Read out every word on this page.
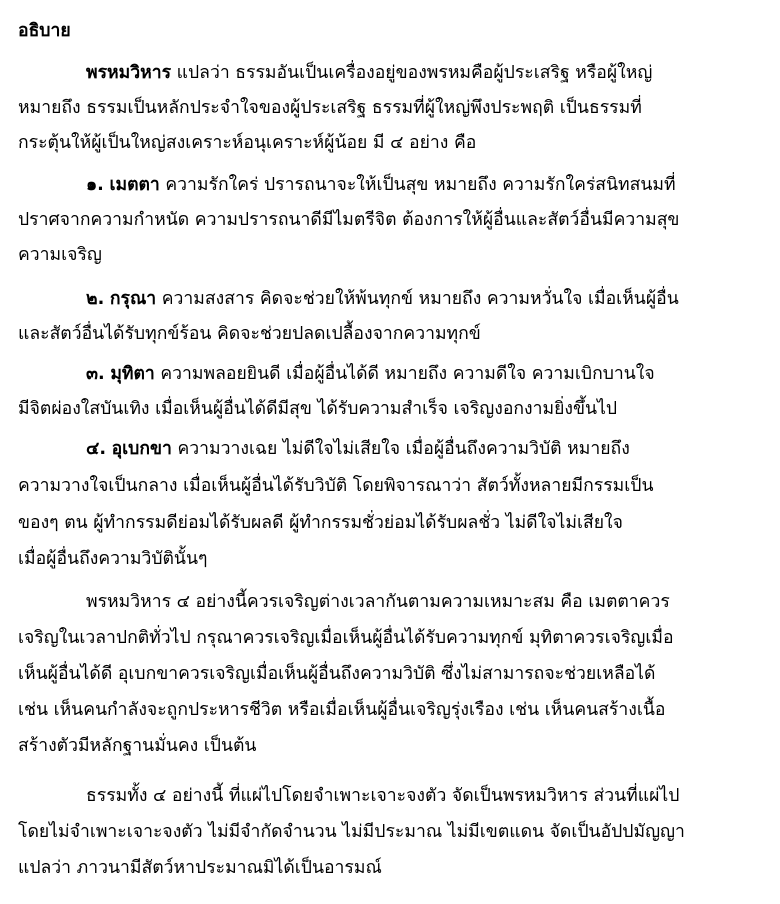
อธิบาย
พรหมวิหาร แปลว่า ธรรมอันเป็นเครื่องอยู่ของพรหมคือผู้ประเสริฐ หรือผู้ใหญ่
หมายถึง ธรรมเป็นหลักประจำใจของผู้ประเสริฐ ธรรมที่ผู้ใหญ่พึงประพฤติ เป็นธรรมที่
กระตุ้นให้ผู้เป็นใหญ่สงเคราะห์อนุเคราะห์ผู้น้อย มี ๔ อย่าง คือ
๑. เมตตา ความรักใคร่ ปรารถนาจะให้เป็นสุข หมายถึง ความรักใคร่สนิทสนมที่
ปราศจากความกำหนัด ความปรารถนาดีมีไมตรีจิต ต้องการให้ผู้อื่นและสัตว์อื่นมีความสุข
ความเจริญ
๒. กรุณา ความสงสาร คิดจะช่วยให้พ้นทุกข์ หมายถึง ความหวั่นใจ เมื่อเห็นผู้อื่น
และสัตว์อื่นได้รับทุกข์ร้อน คิดจะช่วยปลดเปลื้องจากความทุกข์
๓. มุทิตา ความพลอยยินดี เมื่อผู้อื่นได้ดี หมายถึง ความดีใจ ความเบิกบานใจ
มีจิตผ่องใสบันเทิง เมื่อเห็นผู้อื่นได้ดีมีสุข ได้รับความสำเร็จ เจริญงอกงามยิ่งขึ้นไป
๔. อุเบกขา ความวางเฉย ไม่ดีใจไม่เสียใจ เมื่อผู้อื่นถึงความวิบัติ หมายถึง
ความวางใจเป็นกลาง เมื่อเห็นผู้อื่นได้รับวิบัติ โดยพิจารณาว่า สัตว์ทั้งหลายมีกรรมเป็น
ของๆ ตน ผู้ทำกรรมดีย่อมได้รับผลดี ผู้ทำกรรมชั่วย่อมได้รับผลชั่ว ไม่ดีใจไม่เสียใจ
เมื่อผู้อื่นถึงความวิบัตินั้นๆ
พรหมวิหาร ๔ อย่างนี้ควรเจริญต่างเวลากันตามความเหมาะสม คือ เมตตาควร
เจริญในเวลาปกติทั่วไป กรุณาควรเจริญเมื่อเห็นผู้อื่นได้รับความทุกข์ มุทิตาควรเจริญเมื่อ
เห็นผู้อื่นได้ดี อุเบกขาควรเจริญเมื่อเห็นผู้อื่นถึงความวิบัติ ซึ่งไม่สามารถจะช่วยเหลือได้
เช่น เห็นคนกำลังจะถูกประหารชีวิต หรือเมื่อเห็นผู้อื่นเจริญรุ่งเรือง เช่น เห็นคนสร้างเนื้อ
สร้างตัวมีหลักฐานมั่นคง เป็นต้น
ธรรมทั้ง ๔ อย่างนี้ ที่แผ่ไปโดยจำเพาะเจาะจงตัว จัดเป็นพรหมวิหาร ส่วนที่แผ่ไป
โดยไม่จำเพาะเจาะจงตัว ไม่มีจำกัดจำนวน ไม่มีประมาณ ไม่มีเขตแดน จัดเป็นอัปปมัญญา
แปลว่า ภาวนามีสัตว์หาประมาณมิได้เป็นอารมณ์
